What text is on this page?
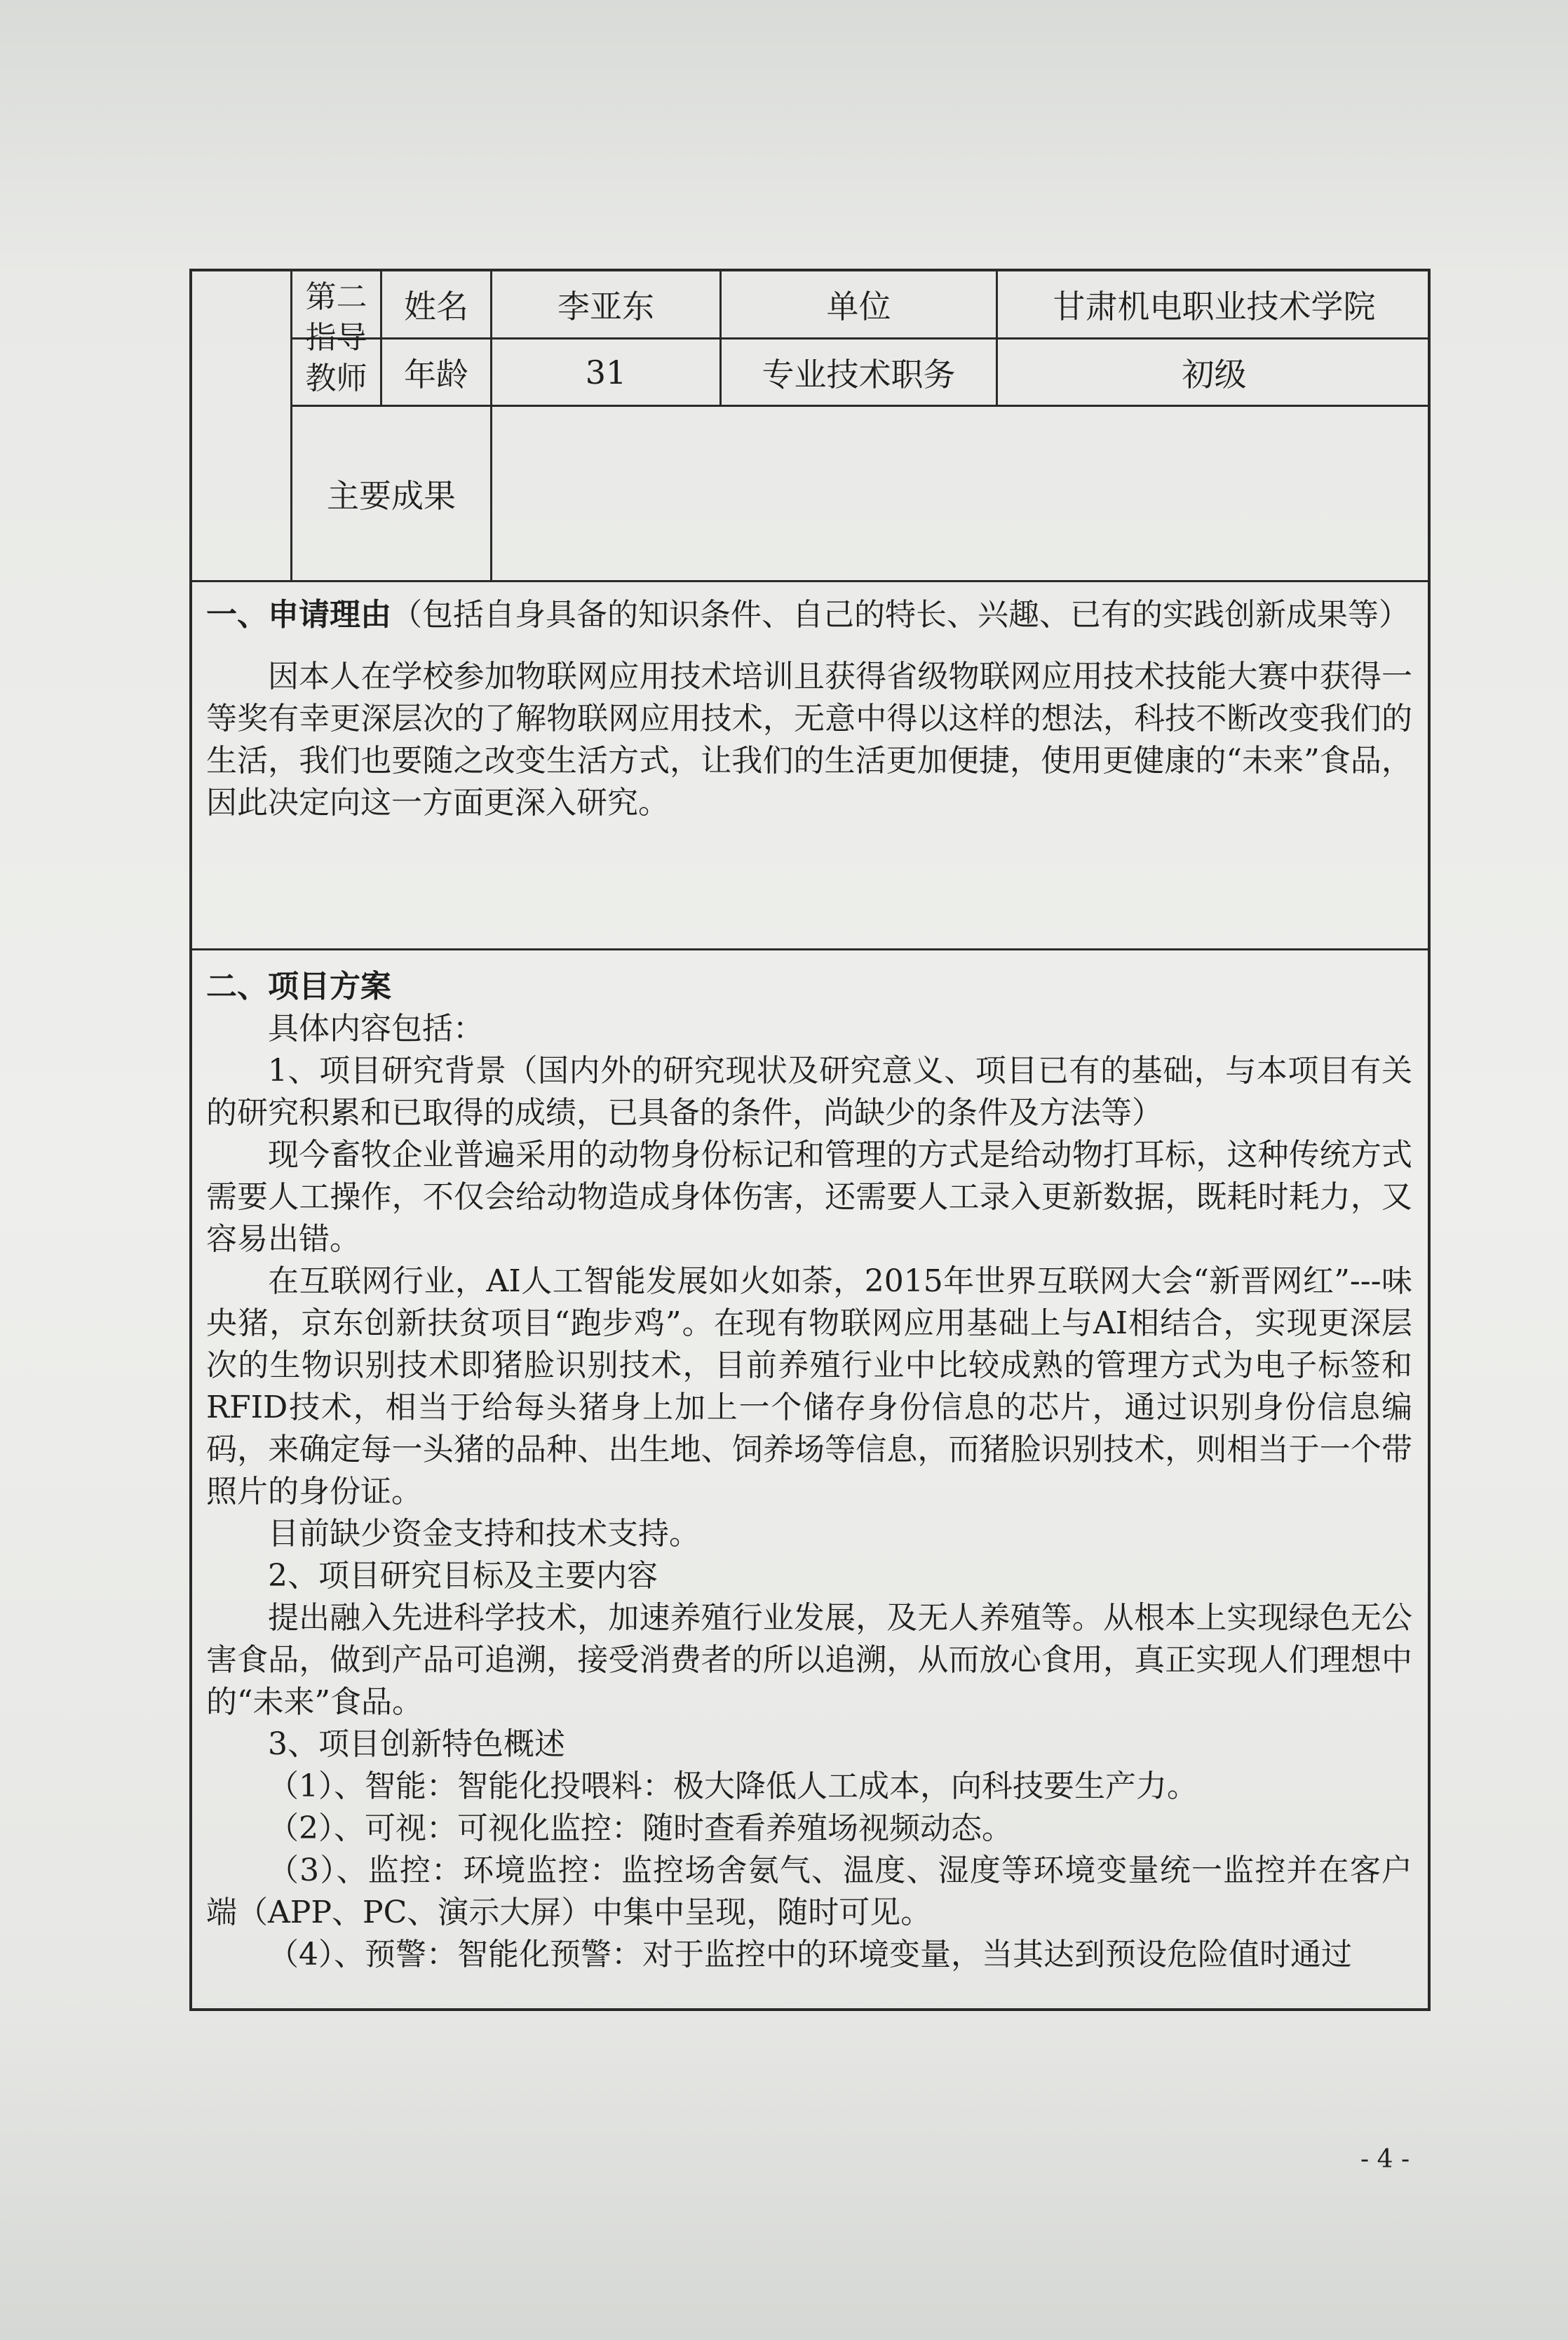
第二
指导
教师
姓名	李亚东	单位	甘肃机电职业技术学院
年龄	31	专业技术职务	初级
主要成果

一、申请理由（包括自身具备的知识条件、自己的特长、兴趣、已有的实践创新成果等）

因本人在学校参加物联网应用技术培训且获得省级物联网应用技术技能大赛中获得一等奖有幸更深层次的了解物联网应用技术，无意中得以这样的想法，科技不断改变我们的生活，我们也要随之改变生活方式，让我们的生活更加便捷，使用更健康的“未来”食品，因此决定向这一方面更深入研究。

二、项目方案

具体内容包括：

1、项目研究背景（国内外的研究现状及研究意义、项目已有的基础，与本项目有关的研究积累和已取得的成绩，已具备的条件，尚缺少的条件及方法等）

现今畜牧企业普遍采用的动物身份标记和管理的方式是给动物打耳标，这种传统方式需要人工操作，不仅会给动物造成身体伤害，还需要人工录入更新数据，既耗时耗力，又容易出错。

在互联网行业，AI人工智能发展如火如荼，2015年世界互联网大会“新晋网红”---味央猪，京东创新扶贫项目“跑步鸡”。在现有物联网应用基础上与AI相结合，实现更深层次的生物识别技术即猪脸识别技术，目前养殖行业中比较成熟的管理方式为电子标签和RFID技术，相当于给每头猪身上加上一个储存身份信息的芯片，通过识别身份信息编码，来确定每一头猪的品种、出生地、饲养场等信息，而猪脸识别技术，则相当于一个带照片的身份证。

目前缺少资金支持和技术支持。

2、项目研究目标及主要内容

提出融入先进科学技术，加速养殖行业发展，及无人养殖等。从根本上实现绿色无公害食品，做到产品可追溯，接受消费者的所以追溯，从而放心食用，真正实现人们理想中的“未来”食品。

3、项目创新特色概述

（1）、智能：智能化投喂料：极大降低人工成本，向科技要生产力。

（2）、可视：可视化监控：随时查看养殖场视频动态。

（3）、监控：环境监控：监控场舍氨气、温度、湿度等环境变量统一监控并在客户端（APP、PC、演示大屏）中集中呈现，随时可见。

（4）、预警：智能化预警：对于监控中的环境变量，当其达到预设危险值时通过

- 4 -
